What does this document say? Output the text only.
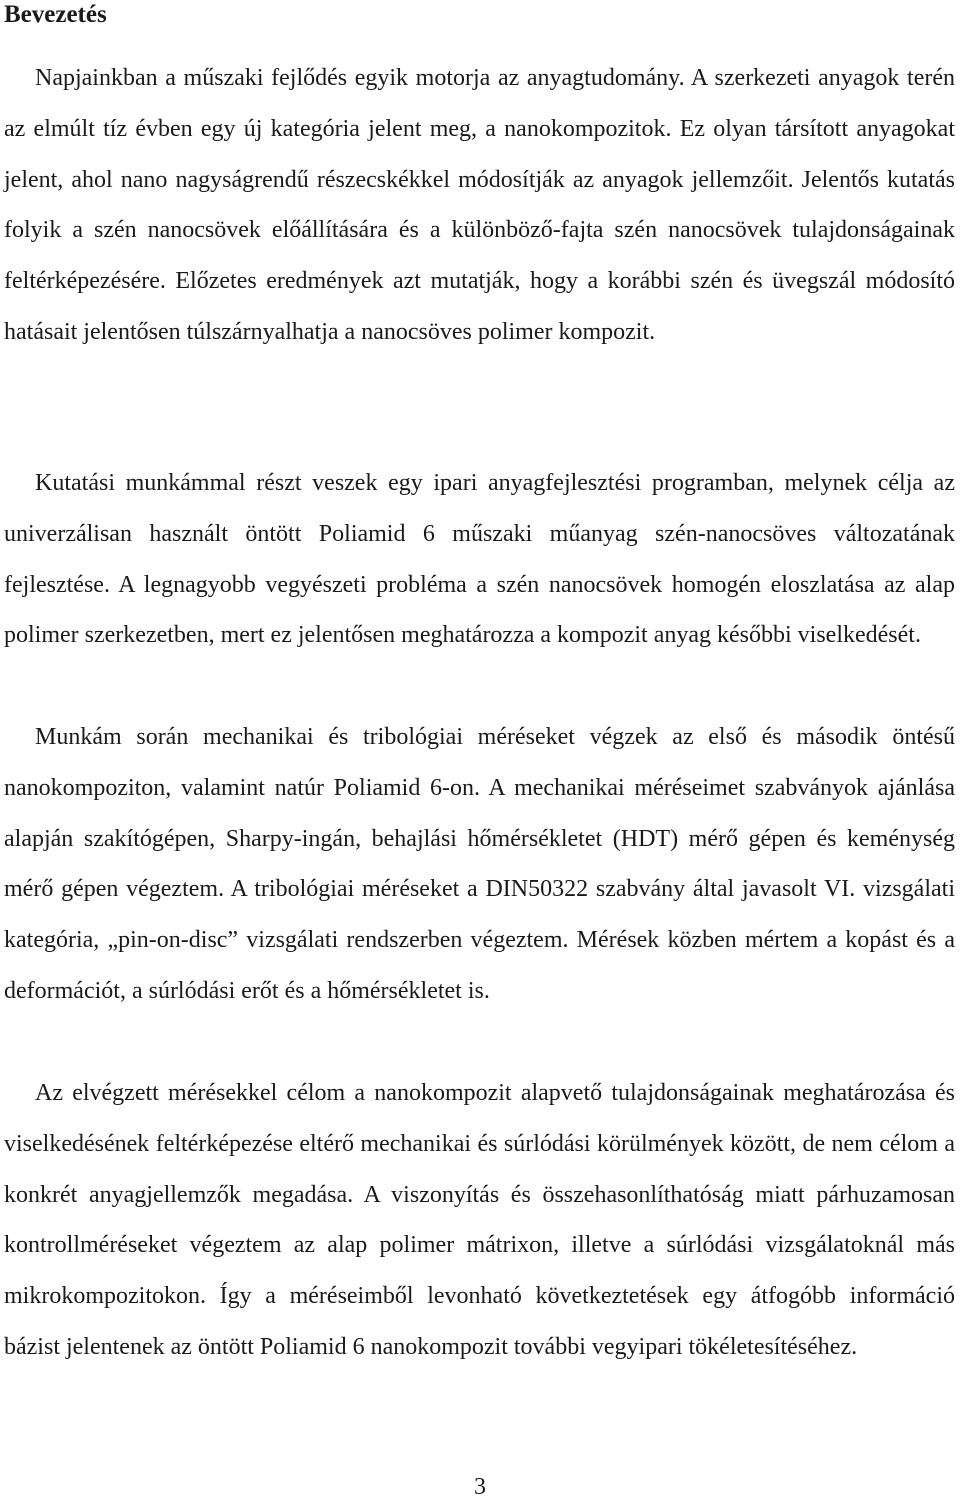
Bevezetés

Napjainkban a műszaki fejlődés egyik motorja az anyagtudomány. A szerkezeti anyagok terén az elmúlt tíz évben egy új kategória jelent meg, a nanokompozitok. Ez olyan társított anyagokat jelent, ahol nano nagyságrendű részecskékkel módosítják az anyagok jellemzőit. Jelentős kutatás folyik a szén nanocsövek előállítására és a különböző-fajta szén nanocsövek tulajdonságainak feltérképezésére. Előzetes eredmények azt mutatják, hogy a korábbi szén és üvegszál módosító hatásait jelentősen túlszárnyalhatja a nanocsöves polimer kompozit.

Kutatási munkámmal részt veszek egy ipari anyagfejlesztési programban, melynek célja az univerzálisan használt öntött Poliamid 6 műszaki műanyag szén-nanocsöves változatának fejlesztése. A legnagyobb vegyészeti probléma a szén nanocsövek homogén eloszlatása az alap polimer szerkezetben, mert ez jelentősen meghatározza a kompozit anyag későbbi viselkedését.

Munkám során mechanikai és tribológiai méréseket végzek az első és második öntésű nanokompoziton, valamint natúr Poliamid 6-on. A mechanikai méréseimet szabványok ajánlása alapján szakítógépen, Sharpy-ingán, behajlási hőmérsékletet (HDT) mérő gépen és keménység mérő gépen végeztem. A tribológiai méréseket a DIN50322 szabvány által javasolt VI. vizsgálati kategória, „pin-on-disc” vizsgálati rendszerben végeztem. Mérések közben mértem a kopást és a deformációt, a súrlódási erőt és a hőmérsékletet is.

Az elvégzett mérésekkel célom a nanokompozit alapvető tulajdonságainak meghatározása és viselkedésének feltérképezése eltérő mechanikai és súrlódási körülmények között, de nem célom a konkrét anyagjellemzők megadása. A viszonyítás és összehasonlíthatóság miatt párhuzamosan kontrollméréseket végeztem az alap polimer mátrixon, illetve a súrlódási vizsgálatoknál más mikrokompozitokon. Így a méréseimből levonható következtetések egy átfogóbb információ bázist jelentenek az öntött Poliamid 6 nanokompozit további vegyipari tökéletesítéséhez.

3
